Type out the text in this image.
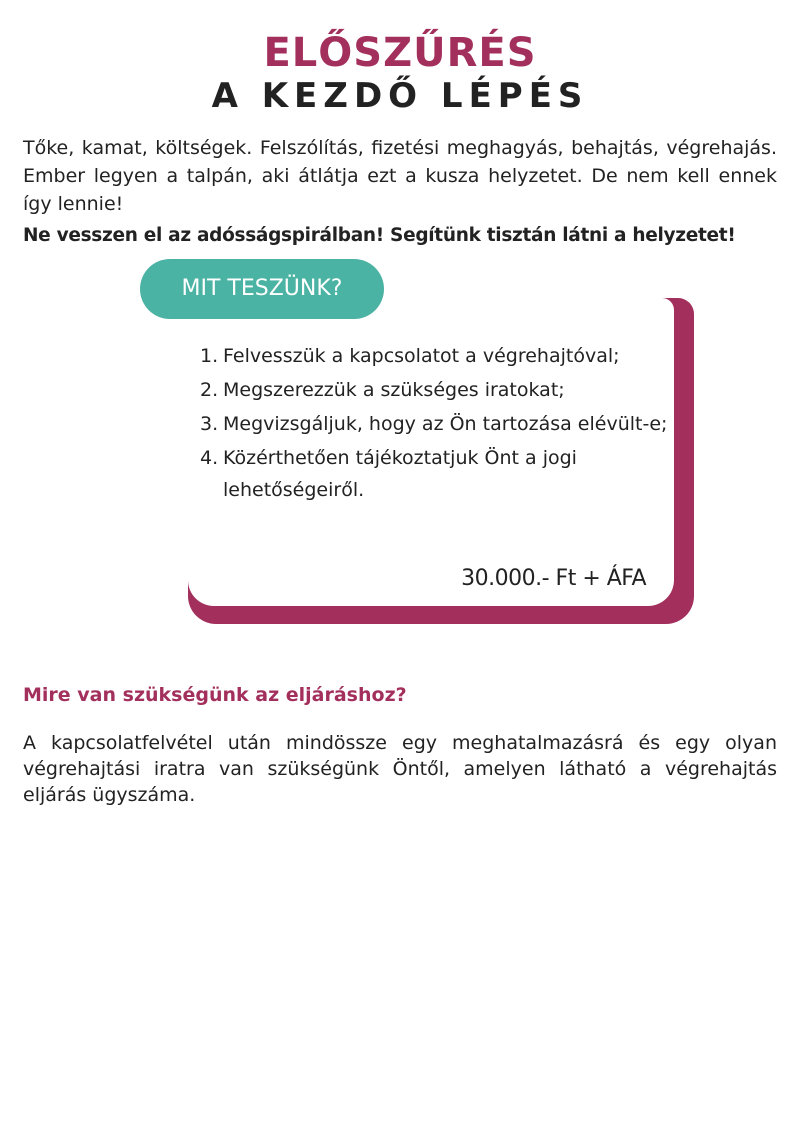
ELŐSZŰRÉS
A KEZDŐ LÉPÉS

Tőke, kamat, költségek. Felszólítás, fizetési meghagyás, behajtás, végrehajás. Ember legyen a talpán, aki átlátja ezt a kusza helyzetet. De nem kell ennek így lennie!

Ne vesszen el az adósságspirálban! Segítünk tisztán látni a helyzetet!

MIT TESZÜNK?
1. Felvesszük a kapcsolatot a végrehajtóval;
2. Megszerezzük a szükséges iratokat;
3. Megvizsgáljuk, hogy az Ön tartozása elévült-e;
4. Közérthetően tájékoztatjuk Önt a jogi lehetőségeiről.
30.000.- Ft + ÁFA
Mire van szükségünk az eljáráshoz?

A kapcsolatfelvétel után mindössze egy meghatalmazásrá és egy olyan végrehajtási iratra van szükségünk Öntől, amelyen látható a végrehajtás eljárás ügyszáma.
